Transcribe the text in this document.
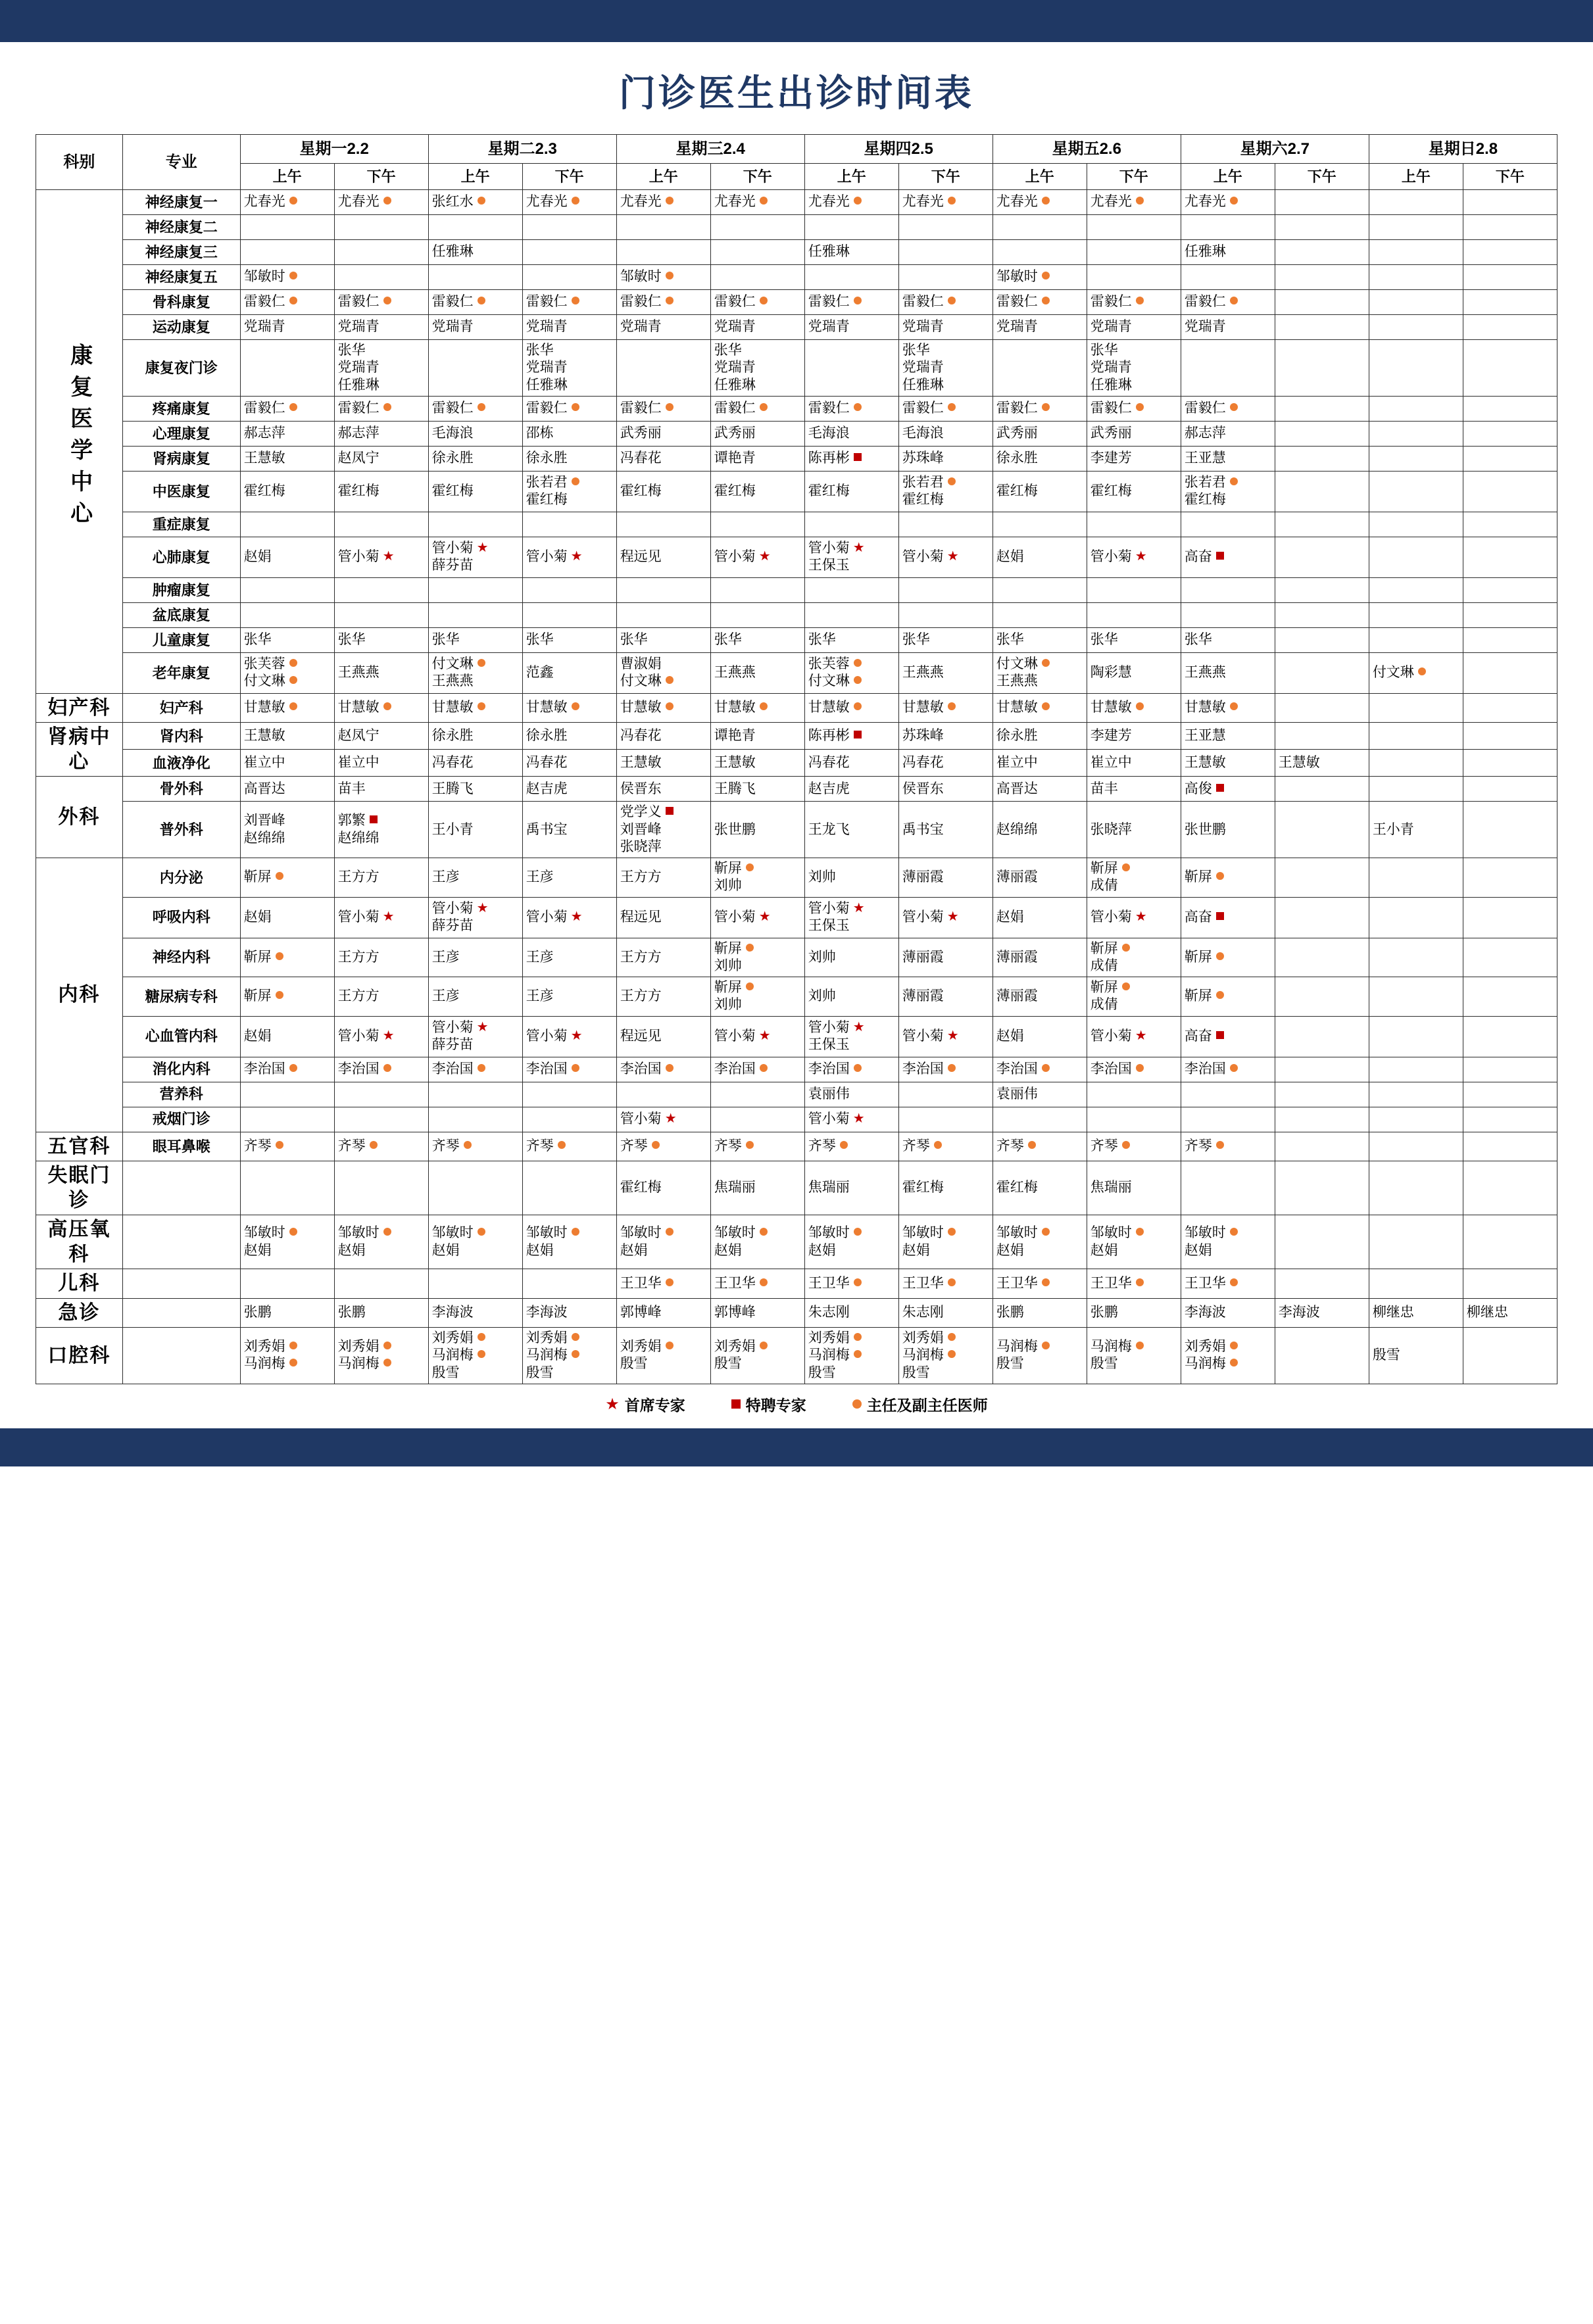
门诊医生出诊时间表
科别	专业	星期一2.2		星期二2.3		星期三2.4		星期四2.5		星期五2.6		星期六2.7		星期日2.8	
		上午	下午	上午	下午	上午	下午	上午	下午	上午	下午	上午	下午	上午	下午
康复医学中心	神经康复一	尤春光	尤春光	张红水	尤春光	尤春光	尤春光	尤春光	尤春光	尤春光	尤春光	尤春光			

	神经康复二														
	神经康复三			任雅琳				任雅琳				任雅琳			

	神经康复五	邹敏时				邹敏时				邹敏时					

	骨科康复	雷毅仁	雷毅仁	雷毅仁	雷毅仁	雷毅仁	雷毅仁	雷毅仁	雷毅仁	雷毅仁	雷毅仁	雷毅仁			

	运动康复	党瑞青	党瑞青	党瑞青	党瑞青	党瑞青	党瑞青	党瑞青	党瑞青	党瑞青	党瑞青	党瑞青			

	康复夜门诊		张华
党瑞青
任雅琳		张华
党瑞青
任雅琳		张华
党瑞青
任雅琳		张华
党瑞青
任雅琳		张华
党瑞青
任雅琳				

	疼痛康复	雷毅仁	雷毅仁	雷毅仁	雷毅仁	雷毅仁	雷毅仁	雷毅仁	雷毅仁	雷毅仁	雷毅仁	雷毅仁			

	心理康复	郝志萍	郝志萍	毛海浪	邵栋	武秀丽	武秀丽	毛海浪	毛海浪	武秀丽	武秀丽	郝志萍			

	肾病康复	王慧敏	赵凤宁	徐永胜	徐永胜	冯春花	谭艳青	陈再彬	苏珠峰	徐永胜	李建芳	王亚慧			

	中医康复	霍红梅	霍红梅	霍红梅	张若君
霍红梅	霍红梅	霍红梅	霍红梅	张若君
霍红梅	霍红梅	霍红梅	张若君
霍红梅			

	重症康复														
	心肺康复	赵娟	管小菊 ★	管小菊 ★
薛芬苗	管小菊 ★	程远见	管小菊 ★	管小菊 ★
王保玉	管小菊 ★	赵娟	管小菊 ★	高奋			

	肿瘤康复														
	盆底康复														
	儿童康复	张华	张华	张华	张华	张华	张华	张华	张华	张华	张华	张华			

	老年康复	张芙蓉
付文琳	王燕燕	付文琳
王燕燕	范鑫	曹淑娟
付文琳	王燕燕	张芙蓉
付文琳	王燕燕	付文琳
王燕燕	陶彩慧	王燕燕		付文琳	

妇产科	妇产科	甘慧敏	甘慧敏	甘慧敏	甘慧敏	甘慧敏	甘慧敏	甘慧敏	甘慧敏	甘慧敏	甘慧敏	甘慧敏			

肾病中心	肾内科	王慧敏	赵凤宁	徐永胜	徐永胜	冯春花	谭艳青	陈再彬	苏珠峰	徐永胜	李建芳	王亚慧			

	血液净化	崔立中	崔立中	冯春花	冯春花	王慧敏	王慧敏	冯春花	冯春花	崔立中	崔立中	王慧敏	王慧敏		

外科	骨外科	高晋达	苗丰	王腾飞	赵吉虎	侯晋东	王腾飞	赵吉虎	侯晋东	高晋达	苗丰	高俊			

	普外科	刘晋峰
赵绵绵	郭繁
赵绵绵	王小青	禹书宝	党学义
刘晋峰
张晓萍	张世鹏	王龙飞	禹书宝	赵绵绵	张晓萍	张世鹏		王小青	

内科	内分泌	靳屏	王方方	王彦	王彦	王方方	靳屏
刘帅	刘帅	薄丽霞	薄丽霞	靳屏
成倩	靳屏			

	呼吸内科	赵娟	管小菊 ★	管小菊 ★
薛芬苗	管小菊 ★	程远见	管小菊 ★	管小菊 ★
王保玉	管小菊 ★	赵娟	管小菊 ★	高奋			

	神经内科	靳屏	王方方	王彦	王彦	王方方	靳屏
刘帅	刘帅	薄丽霞	薄丽霞	靳屏
成倩	靳屏			

	糖尿病专科	靳屏	王方方	王彦	王彦	王方方	靳屏
刘帅	刘帅	薄丽霞	薄丽霞	靳屏
成倩	靳屏			

	心血管内科	赵娟	管小菊 ★	管小菊 ★
薛芬苗	管小菊 ★	程远见	管小菊 ★	管小菊 ★
王保玉	管小菊 ★	赵娟	管小菊 ★	高奋			

	消化内科	李治国	李治国	李治国	李治国	李治国	李治国	李治国	李治国	李治国	李治国	李治国			

	营养科							袁丽伟		袁丽伟					

	戒烟门诊					管小菊 ★		管小菊 ★							

五官科	眼耳鼻喉	齐琴	齐琴	齐琴	齐琴	齐琴	齐琴	齐琴	齐琴	齐琴	齐琴	齐琴			

失眠门诊						霍红梅	焦瑞丽	焦瑞丽	霍红梅	霍红梅	焦瑞丽				

高压氧科		邹敏时
赵娟	邹敏时
赵娟	邹敏时
赵娟	邹敏时
赵娟	邹敏时
赵娟	邹敏时
赵娟	邹敏时
赵娟	邹敏时
赵娟	邹敏时
赵娟	邹敏时
赵娟	邹敏时
赵娟			

儿科						王卫华	王卫华	王卫华	王卫华	王卫华	王卫华	王卫华			

急诊		张鹏	张鹏	李海波	李海波	郭博峰	郭博峰	朱志刚	朱志刚	张鹏	张鹏	李海波	李海波	柳继忠	柳继忠

口腔科		刘秀娟
马润梅	刘秀娟
马润梅	刘秀娟
马润梅
殷雪	刘秀娟
马润梅
殷雪	刘秀娟
殷雪	刘秀娟
殷雪	刘秀娟
马润梅
殷雪	刘秀娟
马润梅
殷雪	马润梅
殷雪	马润梅
殷雪	刘秀娟
马润梅		殷雪	

★ 首席专家	特聘专家	主任及副主任医师
